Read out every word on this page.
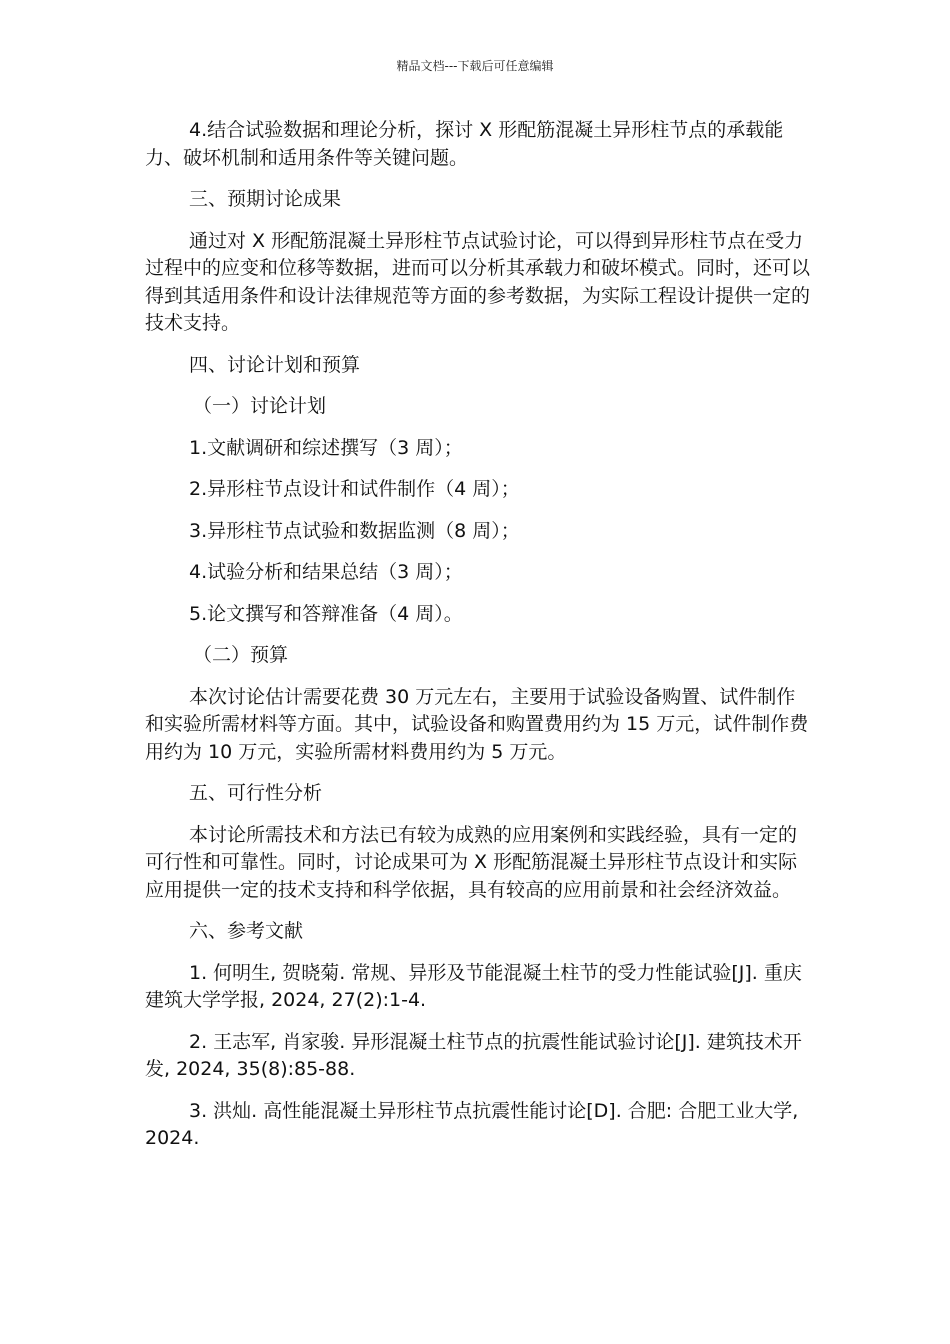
精品文档---下载后可任意编辑

4.结合试验数据和理论分析，探讨 X 形配筋混凝土异形柱节点的承载能力、破坏机制和适用条件等关键问题。

三、预期讨论成果

通过对 X 形配筋混凝土异形柱节点试验讨论，可以得到异形柱节点在受力过程中的应变和位移等数据，进而可以分析其承载力和破坏模式。同时，还可以得到其适用条件和设计法律规范等方面的参考数据，为实际工程设计提供一定的技术支持。

四、讨论计划和预算

（一）讨论计划

1.文献调研和综述撰写（3 周）；

2.异形柱节点设计和试件制作（4 周）；

3.异形柱节点试验和数据监测（8 周）；

4.试验分析和结果总结（3 周）；

5.论文撰写和答辩准备（4 周）。

（二）预算

本次讨论估计需要花费 30 万元左右，主要用于试验设备购置、试件制作和实验所需材料等方面。其中，试验设备和购置费用约为 15 万元，试件制作费用约为 10 万元，实验所需材料费用约为 5 万元。

五、可行性分析

本讨论所需技术和方法已有较为成熟的应用案例和实践经验，具有一定的可行性和可靠性。同时，讨论成果可为 X 形配筋混凝土异形柱节点设计和实际应用提供一定的技术支持和科学依据，具有较高的应用前景和社会经济效益。

六、参考文献

1. 何明生, 贺晓菊. 常规、异形及节能混凝土柱节的受力性能试验[J]. 重庆建筑大学学报, 2024, 27(2):1-4.

2. 王志军, 肖家骏. 异形混凝土柱节点的抗震性能试验讨论[J]. 建筑技术开发, 2024, 35(8):85-88.

3. 洪灿. 高性能混凝土异形柱节点抗震性能讨论[D]. 合肥: 合肥工业大学, 2024.
